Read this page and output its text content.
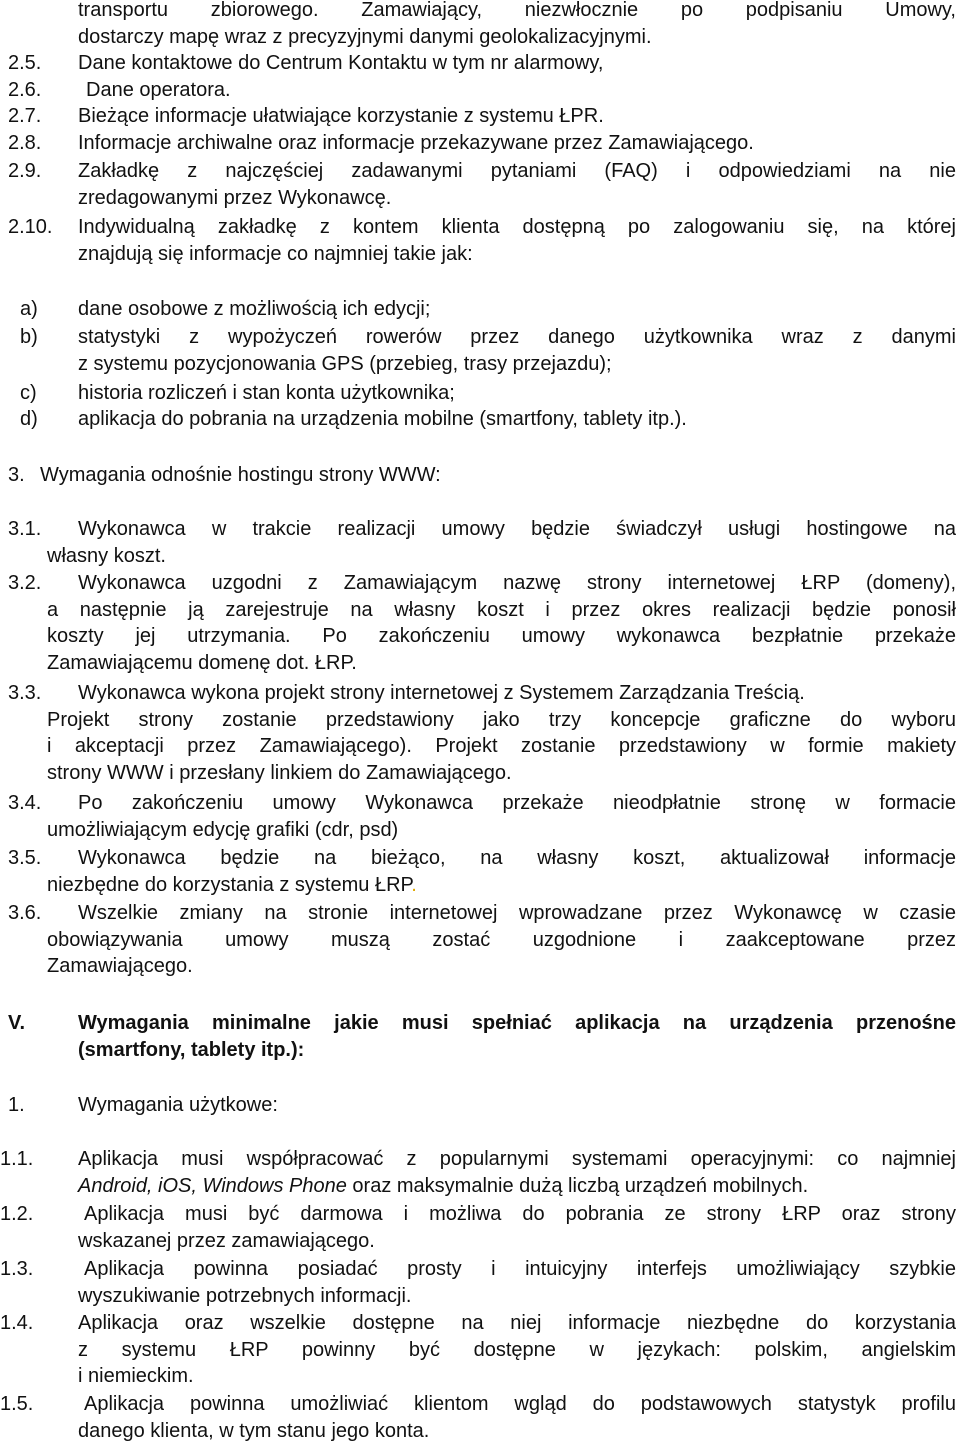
transportu zbiorowego. Zamawiający, niezwłocznie po podpisaniu Umowy,
dostarczy mapę wraz z precyzyjnymi danymi geolokalizacyjnymi.
2.5. Dane kontaktowe do Centrum Kontaktu w tym nr alarmowy,
2.6. Dane operatora.
2.7. Bieżące informacje ułatwiające korzystanie z systemu ŁPR.
2.8. Informacje archiwalne oraz informacje przekazywane przez Zamawiającego.
2.9. Zakładkę z najczęściej zadawanymi pytaniami (FAQ) i odpowiedziami na nie
zredagowanymi przez Wykonawcę.
2.10. Indywidualną zakładkę z kontem klienta dostępną po zalogowaniu się, na której
znajdują się informacje co najmniej takie jak:
a) dane osobowe z możliwością ich edycji;
b) statystyki z wypożyczeń rowerów przez danego użytkownika wraz z danymi
z systemu pozycjonowania GPS (przebieg, trasy przejazdu);
c) historia rozliczeń i stan konta użytkownika;
d) aplikacja do pobrania na urządzenia mobilne (smartfony, tablety itp.).
3. Wymagania odnośnie hostingu strony WWW:
3.1. Wykonawca w trakcie realizacji umowy będzie świadczył usługi hostingowe na
własny koszt.
3.2. Wykonawca uzgodni z Zamawiającym nazwę strony internetowej ŁRP (domeny),
a następnie ją zarejestruje na własny koszt i przez okres realizacji będzie ponosił
koszty jej utrzymania. Po zakończeniu umowy wykonawca bezpłatnie przekaże
Zamawiającemu domenę dot. ŁRP.
3.3. Wykonawca wykona projekt strony internetowej z Systemem Zarządzania Treścią.
Projekt strony zostanie przedstawiony jako trzy koncepcje graficzne do wyboru
i akceptacji przez Zamawiającego). Projekt zostanie przedstawiony w formie makiety
strony WWW i przesłany linkiem do Zamawiającego.
3.4. Po zakończeniu umowy Wykonawca przekaże nieodpłatnie stronę w formacie
umożliwiającym edycję grafiki (cdr, psd)
3.5. Wykonawca będzie na bieżąco, na własny koszt, aktualizował informacje
niezbędne do korzystania z systemu ŁRP.
3.6. Wszelkie zmiany na stronie internetowej wprowadzane przez Wykonawcę w czasie
obowiązywania umowy muszą zostać uzgodnione i zaakceptowane przez
Zamawiającego.
V.	Wymagania minimalne jakie musi spełniać aplikacja na urządzenia przenośne
(smartfony, tablety itp.):
1.	Wymagania użytkowe:
1.1. Aplikacja musi współpracować z popularnymi systemami operacyjnymi: co najmniej
Android, iOS, Windows Phone oraz maksymalnie dużą liczbą urządzeń mobilnych.
1.2.	Aplikacja musi być darmowa i możliwa do pobrania ze strony ŁRP oraz strony
wskazanej przez zamawiającego.
1.3.	Aplikacja powinna posiadać prosty i intuicyjny interfejs umożliwiający szybkie
wyszukiwanie potrzebnych informacji.
1.4. Aplikacja oraz wszelkie dostępne na niej informacje niezbędne do korzystania
z systemu ŁRP powinny być dostępne w językach: polskim, angielskim
i niemieckim.
1.5.	Aplikacja powinna umożliwiać klientom wgląd do podstawowych statystyk profilu
danego klienta, w tym stanu jego konta.
